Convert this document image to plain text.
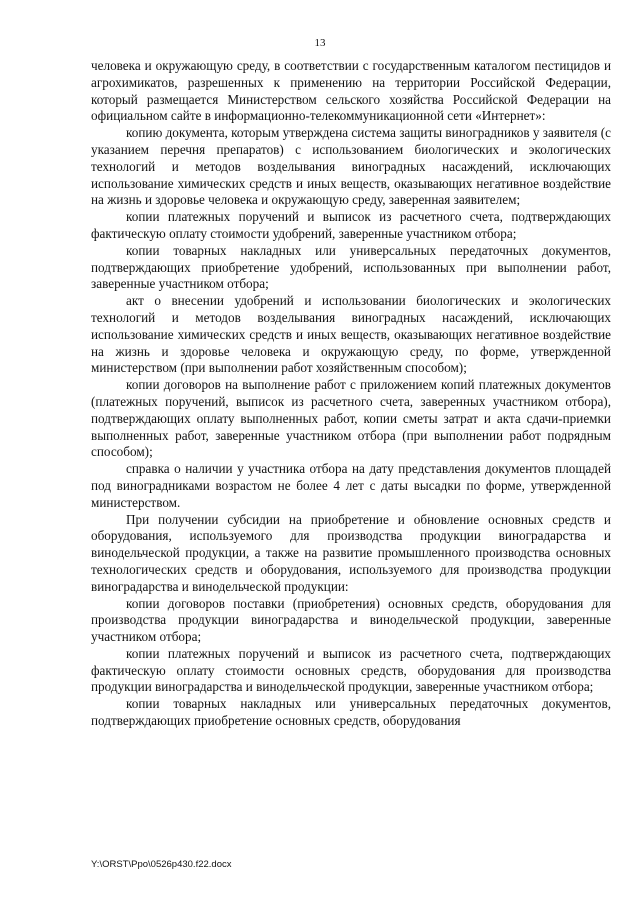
13

человека и окружающую среду, в соответствии с государственным каталогом пестицидов и агрохимикатов, разрешенных к применению на территории Российской Федерации, который размещается Министерством сельского хозяйства Российской Федерации на официальном сайте в информационно-телекоммуникационной сети «Интернет»:

копию документа, которым утверждена система защиты виноградников у заявителя (с указанием перечня препаратов) с использованием биологических и экологических технологий и методов возделывания виноградных насаждений, исключающих использование химических средств и иных веществ, оказывающих негативное воздействие на жизнь и здоровье человека и окружающую среду, заверенная заявителем;

копии платежных поручений и выписок из расчетного счета, подтверждающих фактическую оплату стоимости удобрений, заверенные участником отбора;

копии товарных накладных или универсальных передаточных документов, подтверждающих приобретение удобрений, использованных при выполнении работ, заверенные участником отбора;

акт о внесении удобрений и использовании биологических и экологических технологий и методов возделывания виноградных насаждений, исключающих использование химических средств и иных веществ, оказывающих негативное воздействие на жизнь и здоровье человека и окружающую среду, по форме, утвержденной министерством (при выполнении работ хозяйственным способом);

копии договоров на выполнение работ с приложением копий платежных документов (платежных поручений, выписок из расчетного счета, заверенных участником отбора), подтверждающих оплату выполненных работ, копии сметы затрат и акта сдачи-приемки выполненных работ, заверенные участником отбора (при выполнении работ подрядным способом);

справка о наличии у участника отбора на дату представления документов площадей под виноградниками возрастом не более 4 лет с даты высадки по форме, утвержденной министерством.

При получении субсидии на приобретение и обновление основных средств и оборудования, используемого для производства продукции виноградарства и винодельческой продукции, а также на развитие промышленного производства основных технологических средств и оборудования, используемого для производства продукции виноградарства и винодельческой продукции:

копии договоров поставки (приобретения) основных средств, оборудования для производства продукции виноградарства и винодельческой продукции, заверенные участником отбора;

копии платежных поручений и выписок из расчетного счета, подтверждающих фактическую оплату стоимости основных средств, оборудования для производства продукции виноградарства и винодельческой продукции, заверенные участником отбора;

копии товарных накладных или универсальных передаточных документов, подтверждающих приобретение основных средств, оборудования

Y:\ORST\Ppo\0526p430.f22.docx
